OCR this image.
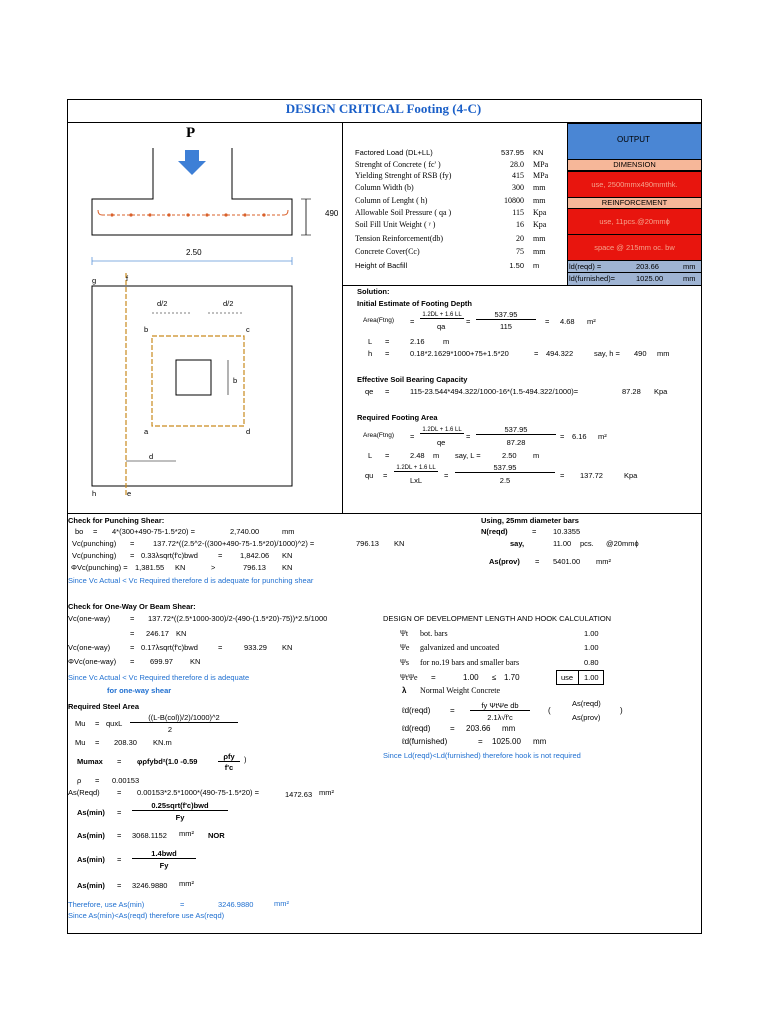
DESIGN CRITICAL Footing (4-C)
P
490
2.50
g	f
d/2	d/2
b	c
b
a	d
d
h	e
Factored Load (DL+LL)	537.95 KN
Strenght of Concrete ( fc' )	28.0 MPa
Yielding Strenght of RSB (fy)	415 MPa
Column Width (b)	300 mm
Column of Lenght ( h)	10800 mm
Allowable Soil Pressure ( qa )	115 Kpa
Soil Fill Unit Weight ( ᵞ )	16 Kpa
Tension Reinforcement(db)	20 mm
Concrete Cover(Cc)	75 mm
Height of Bacfill	1.50 m
OUTPUT
DIMENSION
use, 2500mmx490mmthk.
REINFORCEMENT
use, 11pcs.@20mmɸ
space @ 215mm oc. bw
ld(reqd) =	203.66	mm
ld(furnished)=	1025.00	mm
Solution:
Initial Estimate of Footing Depth
Area(Ftng) =
1.2DL + 1.6 LL
qa
=
537.95
115
= 4.68 m²
L =	2.16 m
h =	0.18*2.1629*1000+75+1.5*20	= 494.322	say, h = 490 mm
Effective Soil Bearing Capacity
qe =	115-23.544*494.322/1000-16*(1.5-494.322/1000)=	87.28 Kpa
Required Footing Area
Area(Ftng) =
1.2DL + 1.6 LL
qe
=
537.95
87.28
= 6.16 m²
L =	2.48 m say, L =	2.50 m
qu =
1.2DL + 1.6 LL
LxL
=
537.95
2.5
= 137.72	Kpa
Check for Punching Shear:
bo = 4*(300+490-75-1.5*20) =	2,740.00	mm
Vc(punching) = 137.72*((2.5^2-((300+490-75-1.5*20)/1000)^2) =	796.13 KN
Vc(punching) = 0.33λsqrt(f'c)bwd	= 1,842.06 KN
ΦVc(punching) = 1,381.55 KN	>	796.13 KN
Since Vc Actual < Vc Required therefore d is adequate for punching shear
Using, 25mm diameter bars
N(reqd)	= 10.3355
say,	11.00 pcs. @20mmɸ
As(prov) = 5401.00 mm²
Check for One-Way Or Beam Shear:
Vc(one-way)	= 137.72*((2.5*1000-300)/2-(490-(1.5*20)-75))*2.5/1000
= 246.17 KN
Vc(one-way)	= 0.17λsqrt(f'c)bwd	=	933.29 KN
ΦVc(one-way) = 699.97 KN
Since Vc Actual < Vc Required therefore d is adequate
for one-way shear
Required Steel Area
Mu = quxL
((L-B(col))/2)/1000)^2
2
Mu = 208.30 KN.m
Mumax = φρfybd²(1.0 -0.59
ρfy
f'c
)
ρ = 0.00153
As(Reqd) = 0.00153*2.5*1000*(490-75-1.5*20) =	1472.63 mm²
As(min) =
0.25sqrt(f'c)bwd
Fy
As(min) = 3068.1152 mm² NOR
As(min) =
1.4bwd
Fy
As(min) = 3246.9880 mm²
Therefore, use As(min)	=	3246.9880	mm²
Since As(min)<As(reqd) therefore use As(reqd)
DESIGN OF DEVELOPMENT LENGTH AND HOOK CALCULATION
Ψt bot. bars	1.00
Ψe galvanized and uncoated	1.00
Ψs for no.19 bars and smaller bars	0.80
ΨtΨe =	1.00 ≤ 1.70	use 1.00
λ Normal Weight Concrete
ℓd(reqd) =
fy ΨtΨe db
2.1λ√f'c
(
As(reqd)
As(prov)
)
ℓd(reqd) = 203.66 mm
ℓd(furnished)	= 1025.00 mm
Since Ld(reqd)<Ld(furnished) therefore hook is not required
